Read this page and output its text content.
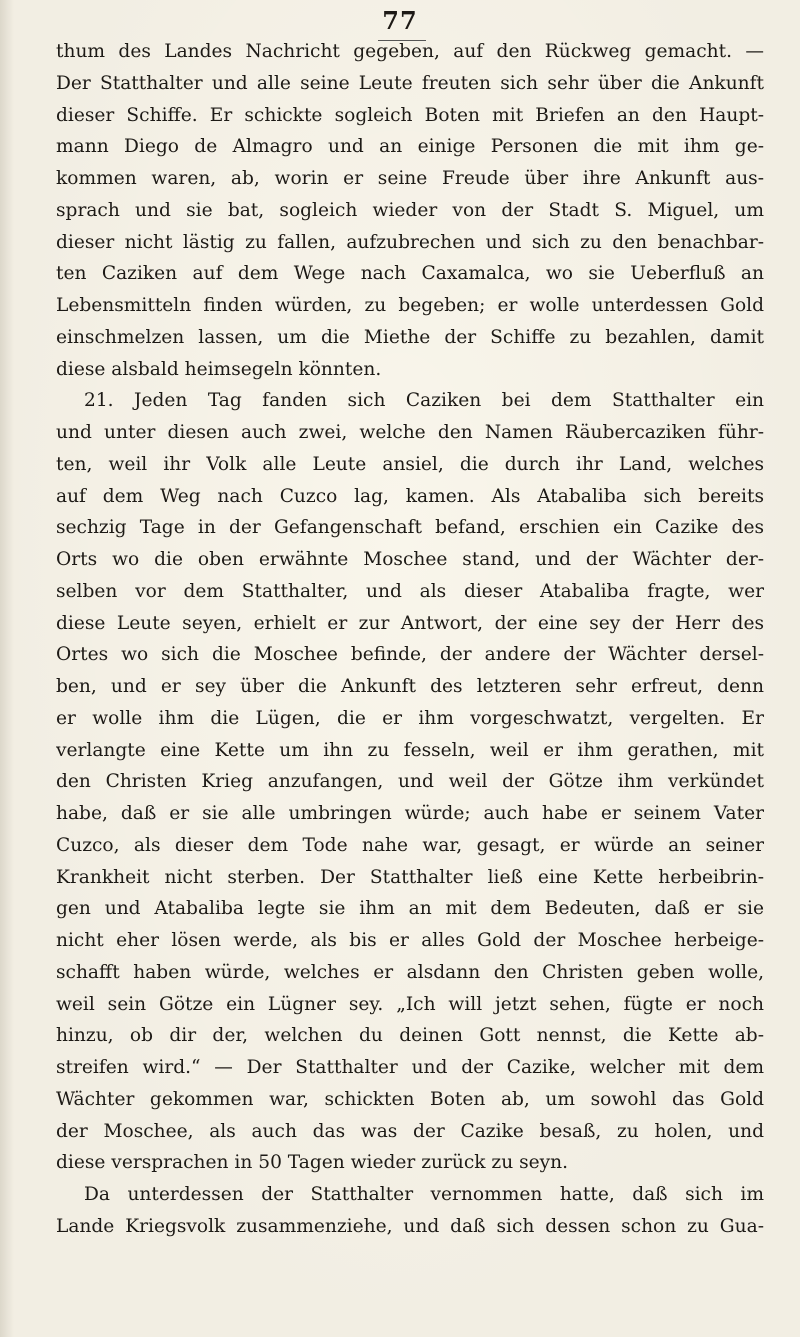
77
thum des Landes Nachricht gegeben, auf den Rückweg gemacht. —
Der Statthalter und alle seine Leute freuten sich sehr über die Ankunft
dieser Schiffe. Er schickte sogleich Boten mit Briefen an den Haupt-
mann Diego de Almagro und an einige Personen die mit ihm ge-
kommen waren, ab, worin er seine Freude über ihre Ankunft aus-
sprach und sie bat, sogleich wieder von der Stadt S. Miguel, um
dieser nicht lästig zu fallen, aufzubrechen und sich zu den benachbar-
ten Caziken auf dem Wege nach Caxamalca, wo sie Ueberfluß an
Lebensmitteln finden würden, zu begeben; er wolle unterdessen Gold
einschmelzen lassen, um die Miethe der Schiffe zu bezahlen, damit
diese alsbald heimsegeln könnten.
21. Jeden Tag fanden sich Caziken bei dem Statthalter ein
und unter diesen auch zwei, welche den Namen Räubercaziken führ-
ten, weil ihr Volk alle Leute ansiel, die durch ihr Land, welches
auf dem Weg nach Cuzco lag, kamen. Als Atabaliba sich bereits
sechzig Tage in der Gefangenschaft befand, erschien ein Cazike des
Orts wo die oben erwähnte Moschee stand, und der Wächter der-
selben vor dem Statthalter, und als dieser Atabaliba fragte, wer
diese Leute seyen, erhielt er zur Antwort, der eine sey der Herr des
Ortes wo sich die Moschee befinde, der andere der Wächter dersel-
ben, und er sey über die Ankunft des letzteren sehr erfreut, denn
er wolle ihm die Lügen, die er ihm vorgeschwatzt, vergelten. Er
verlangte eine Kette um ihn zu fesseln, weil er ihm gerathen, mit
den Christen Krieg anzufangen, und weil der Götze ihm verkündet
habe, daß er sie alle umbringen würde; auch habe er seinem Vater
Cuzco, als dieser dem Tode nahe war, gesagt, er würde an seiner
Krankheit nicht sterben. Der Statthalter ließ eine Kette herbeibrin-
gen und Atabaliba legte sie ihm an mit dem Bedeuten, daß er sie
nicht eher lösen werde, als bis er alles Gold der Moschee herbeige-
schafft haben würde, welches er alsdann den Christen geben wolle,
weil sein Götze ein Lügner sey. „Ich will jetzt sehen, fügte er noch
hinzu, ob dir der, welchen du deinen Gott nennst, die Kette ab-
streifen wird.“ — Der Statthalter und der Cazike, welcher mit dem
Wächter gekommen war, schickten Boten ab, um sowohl das Gold
der Moschee, als auch das was der Cazike besaß, zu holen, und
diese versprachen in 50 Tagen wieder zurück zu seyn.
Da unterdessen der Statthalter vernommen hatte, daß sich im
Lande Kriegsvolk zusammenziehe, und daß sich dessen schon zu Gua-
